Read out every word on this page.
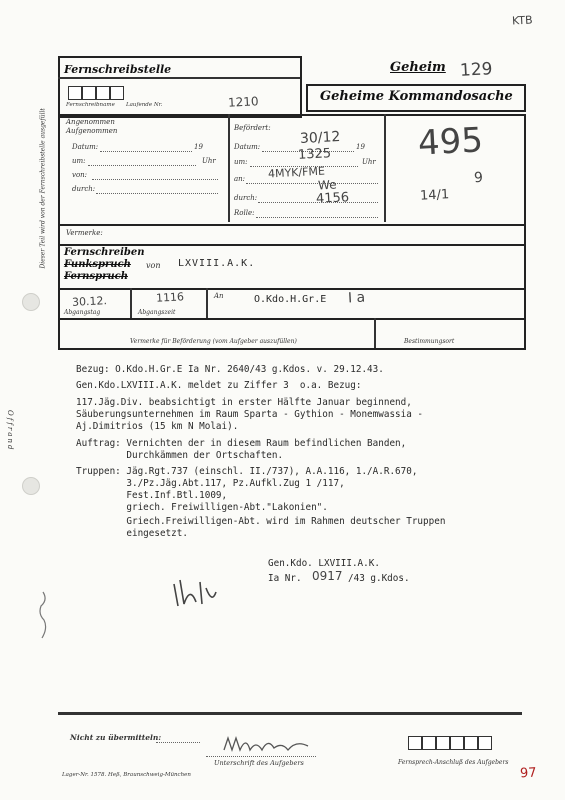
KTB
Dieser Teil wird von der Fernschreibstelle ausgefüllt
Offrand
Fernschreibstelle
Fernschreibname Laufende Nr.	1210
Geheim 129
Geheime Kommandosache
Angenommen
Aufgenommen
Datum:	19
um:	Uhr
von:
durch:
Befördert:
Datum:	30/12 19
um:	1325	Uhr
an: 4MYK/FME
We
durch:	4156
Rolle:
495
9
14/1
Vermerke:
Fernschreiben
Funkspruch
Fernspruch
von LXVIII.A.K.
30.12.
Abgangstag
1116
Abgangszeit
An	O.Kdo.H.Gr.E I a
Vermerke für Beförderung (vom Aufgeber auszufüllen)	Bestimmungsort
Bezug: O.Kdo.H.Gr.E Ia Nr. 2640/43 g.Kdos. v. 29.12.43.
Gen.Kdo.LXVIII.A.K. meldet zu Ziffer 3  o.a. Bezug:
117.Jäg.Div. beabsichtigt in erster Hälfte Januar beginnend,
Säuberungsunternehmen im Raum Sparta - Gythion - Monemwassia -
Aj.Dimitrios (15 km N Molai).
Auftrag: Vernichten der in diesem Raum befindlichen Banden,
Durchkämmen der Ortschaften.
Truppen: Jäg.Rgt.737 (einschl. II./737), A.A.116, 1./A.R.670,
3./Pz.Jäg.Abt.117, Pz.Aufkl.Zug 1 /117,
Fest.Inf.Btl.1009,
griech. Freiwilligen-Abt."Lakonien".
Griech.Freiwilligen-Abt. wird im Rahmen deutscher Truppen
eingesetzt.
Gen.Kdo. LXVIII.A.K.
Ia Nr. 0917 /43 g.Kdos.
Nicht zu übermitteln:
Unterschrift des Aufgebers	Fernsprech-Anschluß des Aufgebers
Lager-Nr. 1578. Heß, Braunschweig-München	97
